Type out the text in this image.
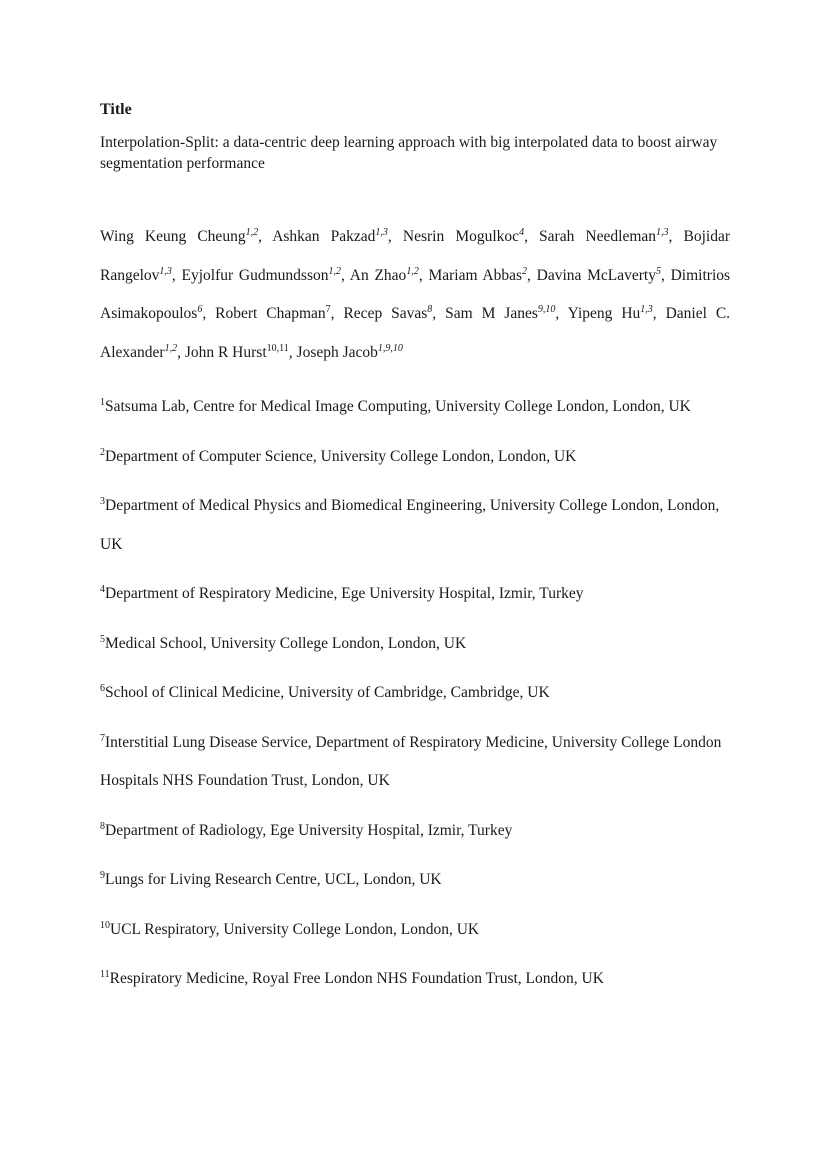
Title
Interpolation-Split: a data-centric deep learning approach with big interpolated data to boost airway segmentation performance
Wing Keung Cheung$^{1,2}$, Ashkan Pakzad$^{1,3}$, Nesrin Mogulkoc$^4$, Sarah Needleman$^{1,3}$, Bojidar Rangelov$^{1,3}$, Eyjolfur Gudmundsson$^{1,2}$, An Zhao$^{1,2}$, Mariam Abbas$^2$, Davina McLaverty$^5$, Dimitrios Asimakopoulos$^6$, Robert Chapman$^7$, Recep Savas$^8$, Sam M Janes$^{9,10}$, Yipeng Hu$^{1,3}$, Daniel C. Alexander$^{1,2}$, John R Hurst$^{10,11}$, Joseph Jacob$^{1,9,10}$
$^1$Satsuma Lab, Centre for Medical Image Computing, University College London, London, UK
$^2$Department of Computer Science, University College London, London, UK
$^3$Department of Medical Physics and Biomedical Engineering, University College London, London, UK
$^4$Department of Respiratory Medicine, Ege University Hospital, Izmir, Turkey
$^5$Medical School, University College London, London, UK
$^6$School of Clinical Medicine, University of Cambridge, Cambridge, UK
$^7$Interstitial Lung Disease Service, Department of Respiratory Medicine, University College London Hospitals NHS Foundation Trust, London, UK
$^8$Department of Radiology, Ege University Hospital, Izmir, Turkey
$^9$Lungs for Living Research Centre, UCL, London, UK
$^{10}$UCL Respiratory, University College London, London, UK
$^{11}$Respiratory Medicine, Royal Free London NHS Foundation Trust, London, UK
